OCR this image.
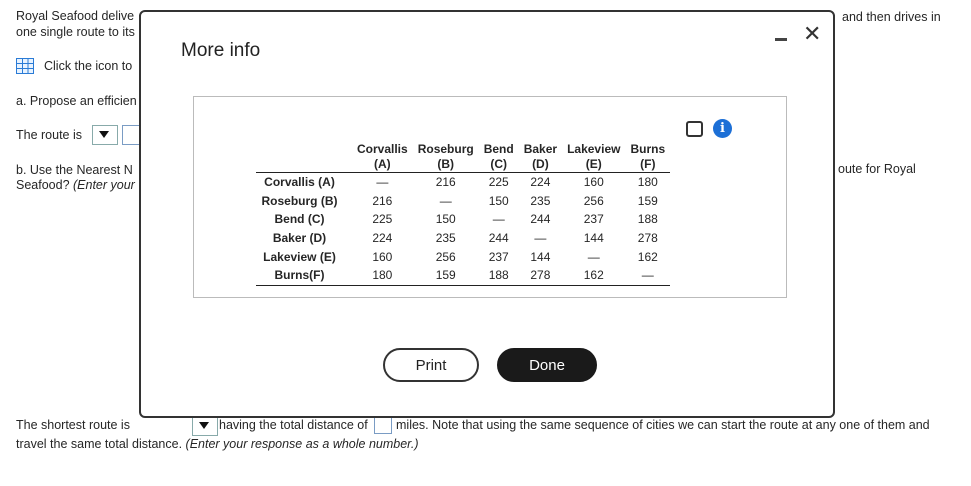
Royal Seafood delive	and then drives in
one single route to its
Click the icon to
a. Propose an efficien
The route is
b. Use the Nearest N	oute for Royal
Seafood? (Enter your
The shortest route is	having the total distance of miles. Note that using the same sequence of cities we can start the route at any one of them and
travel the same total distance. (Enter your response as a whole number.)
More info
✕
i
	Corvallis	Roseburg	Bend	Baker	Lakeview	Burns
	(A)	(B)	(C)	(D)	(E)	(F)
Corvallis (A)	—	216	225	224	160	180
Roseburg (B)	216	—	150	235	256	159
Bend (C)	225	150	—	244	237	188
Baker (D)	224	235	244	—	144	278
Lakeview (E)	160	256	237	144	—	162
Burns(F)	180	159	188	278	162	—
Print	Done
